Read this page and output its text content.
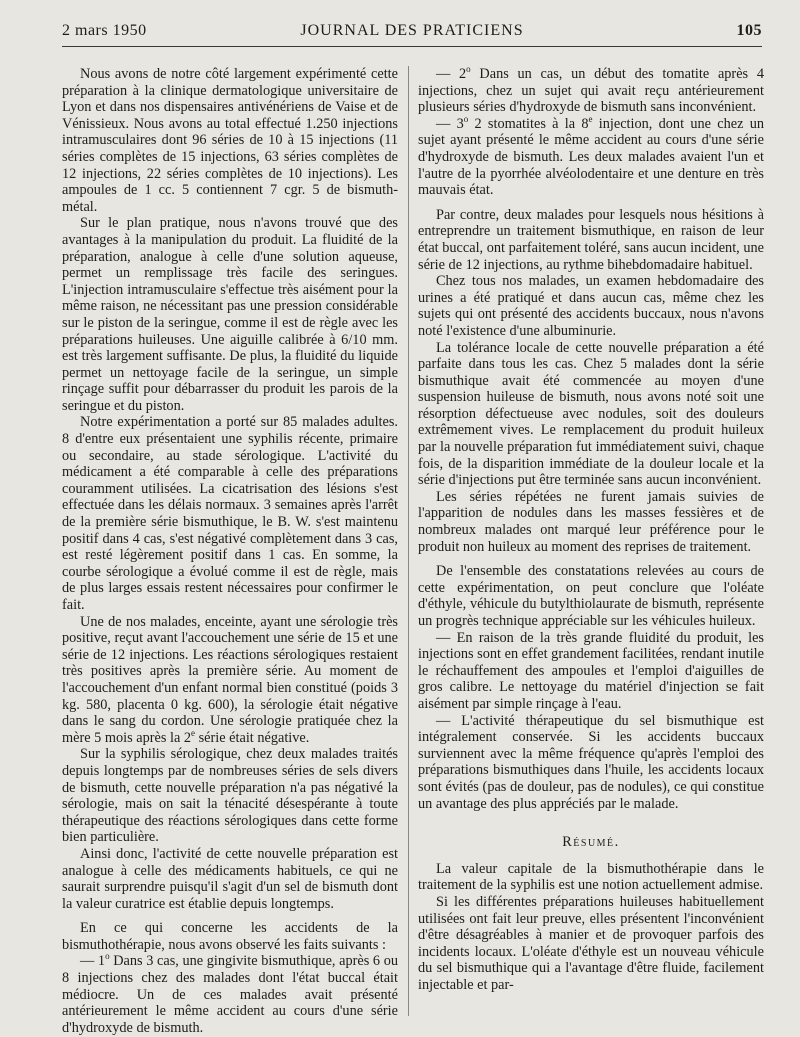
2 mars 1950	JOURNAL DES PRATICIENS	105

Nous avons de notre côté largement expérimenté cette préparation à la clinique dermatologique universitaire de Lyon et dans nos dispensaires antivénériens de Vaise et de Vénissieux. Nous avons au total effectué 1.250 injections intramusculaires dont 96 séries de 10 à 15 injections (11 séries complètes de 15 injections, 63 séries complètes de 12 injections, 22 séries complètes de 10 injections). Les ampoules de 1 cc. 5 contiennent 7 cgr. 5 de bismuth-métal.

Sur le plan pratique, nous n'avons trouvé que des avantages à la manipulation du produit. La fluidité de la préparation, analogue à celle d'une solution aqueuse, permet un remplissage très facile des seringues. L'injection intramusculaire s'effectue très aisément pour la même raison, ne nécessitant pas une pression considérable sur le piston de la seringue, comme il est de règle avec les préparations huileuses. Une aiguille calibrée à 6/10 mm. est très largement suffisante. De plus, la fluidité du liquide permet un nettoyage facile de la seringue, un simple rinçage suffit pour débarrasser du produit les parois de la seringue et du piston.

Notre expérimentation a porté sur 85 malades adultes. 8 d'entre eux présentaient une syphilis récente, primaire ou secondaire, au stade sérologique. L'activité du médicament a été comparable à celle des préparations couramment utilisées. La cicatrisation des lésions s'est effectuée dans les délais normaux. 3 semaines après l'arrêt de la première série bismuthique, le B. W. s'est maintenu positif dans 4 cas, s'est négativé complètement dans 3 cas, est resté légèrement positif dans 1 cas. En somme, la courbe sérologique a évolué comme il est de règle, mais de plus larges essais restent nécessaires pour confirmer le fait.

Une de nos malades, enceinte, ayant une sérologie très positive, reçut avant l'accouchement une série de 15 et une série de 12 injections. Les réactions sérologiques restaient très positives après la première série. Au moment de l'accouchement d'un enfant normal bien constitué (poids 3 kg. 580, placenta 0 kg. 600), la sérologie était négative dans le sang du cordon. Une sérologie pratiquée chez la mère 5 mois après la 2e série était négative.

Sur la syphilis sérologique, chez deux malades traités depuis longtemps par de nombreuses séries de sels divers de bismuth, cette nouvelle préparation n'a pas négativé la sérologie, mais on sait la ténacité désespérante à toute thérapeutique des réactions sérologiques dans cette forme bien particulière.

Ainsi donc, l'activité de cette nouvelle préparation est analogue à celle des médicaments habituels, ce qui ne saurait surprendre puisqu'il s'agit d'un sel de bismuth dont la valeur curatrice est établie depuis longtemps.

En ce qui concerne les accidents de la bismuthothérapie, nous avons observé les faits suivants :

— 1$^o$ Dans 3 cas, une gingivite bismuthique, après 6 ou 8 injections chez des malades dont l'état buccal était médiocre. Un de ces malades avait présenté antérieurement le même accident au cours d'une série d'hydroxyde de bismuth.

— 2$^o$ Dans un cas, un début des tomatite après 4 injections, chez un sujet qui avait reçu antérieurement plusieurs séries d'hydroxyde de bismuth sans inconvénient.

— 3$^o$ 2 stomatites à la 8e injection, dont une chez un sujet ayant présenté le même accident au cours d'une série d'hydroxyde de bismuth. Les deux malades avaient l'un et l'autre de la pyorrhée alvéolodentaire et une denture en très mauvais état.

Par contre, deux malades pour lesquels nous hésitions à entreprendre un traitement bismuthique, en raison de leur état buccal, ont parfaitement toléré, sans aucun incident, une série de 12 injections, au rythme bihebdomadaire habituel.

Chez tous nos malades, un examen hebdomadaire des urines a été pratiqué et dans aucun cas, même chez les sujets qui ont présenté des accidents buccaux, nous n'avons noté l'existence d'une albuminurie.

La tolérance locale de cette nouvelle préparation a été parfaite dans tous les cas. Chez 5 malades dont la série bismuthique avait été commencée au moyen d'une suspension huileuse de bismuth, nous avons noté soit une résorption défectueuse avec nodules, soit des douleurs extrêmement vives. Le remplacement du produit huileux par la nouvelle préparation fut immédiatement suivi, chaque fois, de la disparition immédiate de la douleur locale et la série d'injections put être terminée sans aucun inconvénient.

Les séries répétées ne furent jamais suivies de l'apparition de nodules dans les masses fessières et de nombreux malades ont marqué leur préférence pour le produit non huileux au moment des reprises de traitement.

De l'ensemble des constatations relevées au cours de cette expérimentation, on peut conclure que l'oléate d'éthyle, véhicule du butylthiolaurate de bismuth, représente un progrès technique appréciable sur les véhicules huileux.

— En raison de la très grande fluidité du produit, les injections sont en effet grandement facilitées, rendant inutile le réchauffement des ampoules et l'emploi d'aiguilles de gros calibre. Le nettoyage du matériel d'injection se fait aisément par simple rinçage à l'eau.

— L'activité thérapeutique du sel bismuthique est intégralement conservée. Si les accidents buccaux surviennent avec la même fréquence qu'après l'emploi des préparations bismuthiques dans l'huile, les accidents locaux sont évités (pas de douleur, pas de nodules), ce qui constitue un avantage des plus appréciés par le malade.

Résumé.

La valeur capitale de la bismuthothérapie dans le traitement de la syphilis est une notion actuellement admise.

Si les différentes préparations huileuses habituellement utilisées ont fait leur preuve, elles présentent l'inconvénient d'être désagréables à manier et de provoquer parfois des incidents locaux. L'oléate d'éthyle est un nouveau véhicule du sel bismuthique qui a l'avantage d'être fluide, facilement injectable et par-
